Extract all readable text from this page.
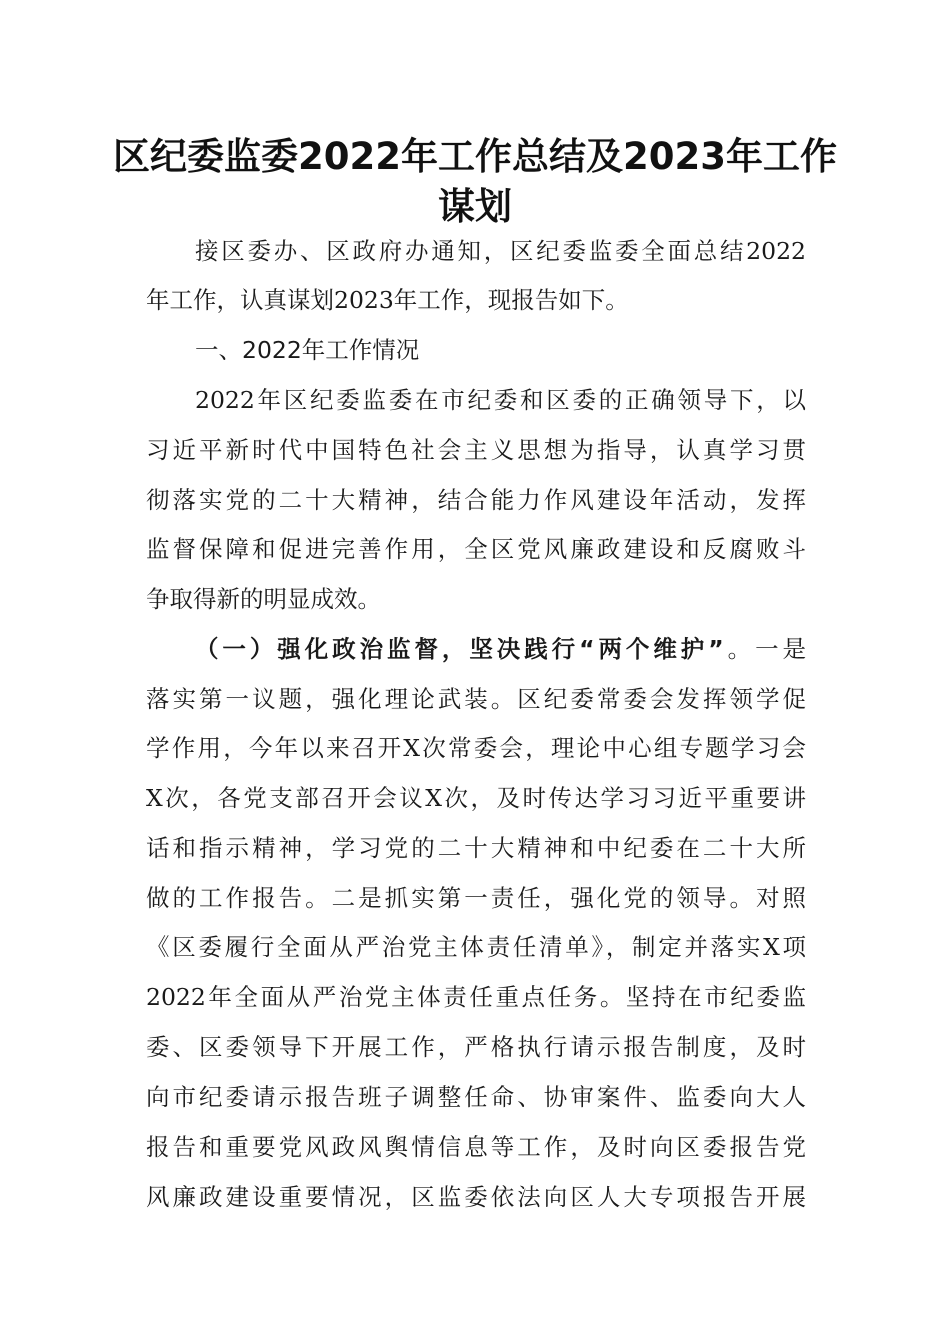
区纪委监委2022年工作总结及2023年工作
谋划

接区委办、区政府办通知，区纪委监委全面总结2022

年工作，认真谋划2023年工作，现报告如下。

一、2022年工作情况

2022年区纪委监委在市纪委和区委的正确领导下，以

习近平新时代中国特色社会主义思想为指导，认真学习贯

彻落实党的二十大精神，结合能力作风建设年活动，发挥

监督保障和促进完善作用，全区党风廉政建设和反腐败斗

争取得新的明显成效。

（一）强化政治监督，坚决践行“两个维护”。一是

落实第一议题，强化理论武装。区纪委常委会发挥领学促

学作用，今年以来召开X次常委会，理论中心组专题学习会

X次，各党支部召开会议X次，及时传达学习习近平重要讲

话和指示精神，学习党的二十大精神和中纪委在二十大所

做的工作报告。二是抓实第一责任，强化党的领导。对照

《区委履行全面从严治党主体责任清单》，制定并落实X项

2022年全面从严治党主体责任重点任务。坚持在市纪委监

委、区委领导下开展工作，严格执行请示报告制度，及时

向市纪委请示报告班子调整任命、协审案件、监委向大人

报告和重要党风政风舆情信息等工作，及时向区委报告党

风廉政建设重要情况，区监委依法向区人大专项报告开展
